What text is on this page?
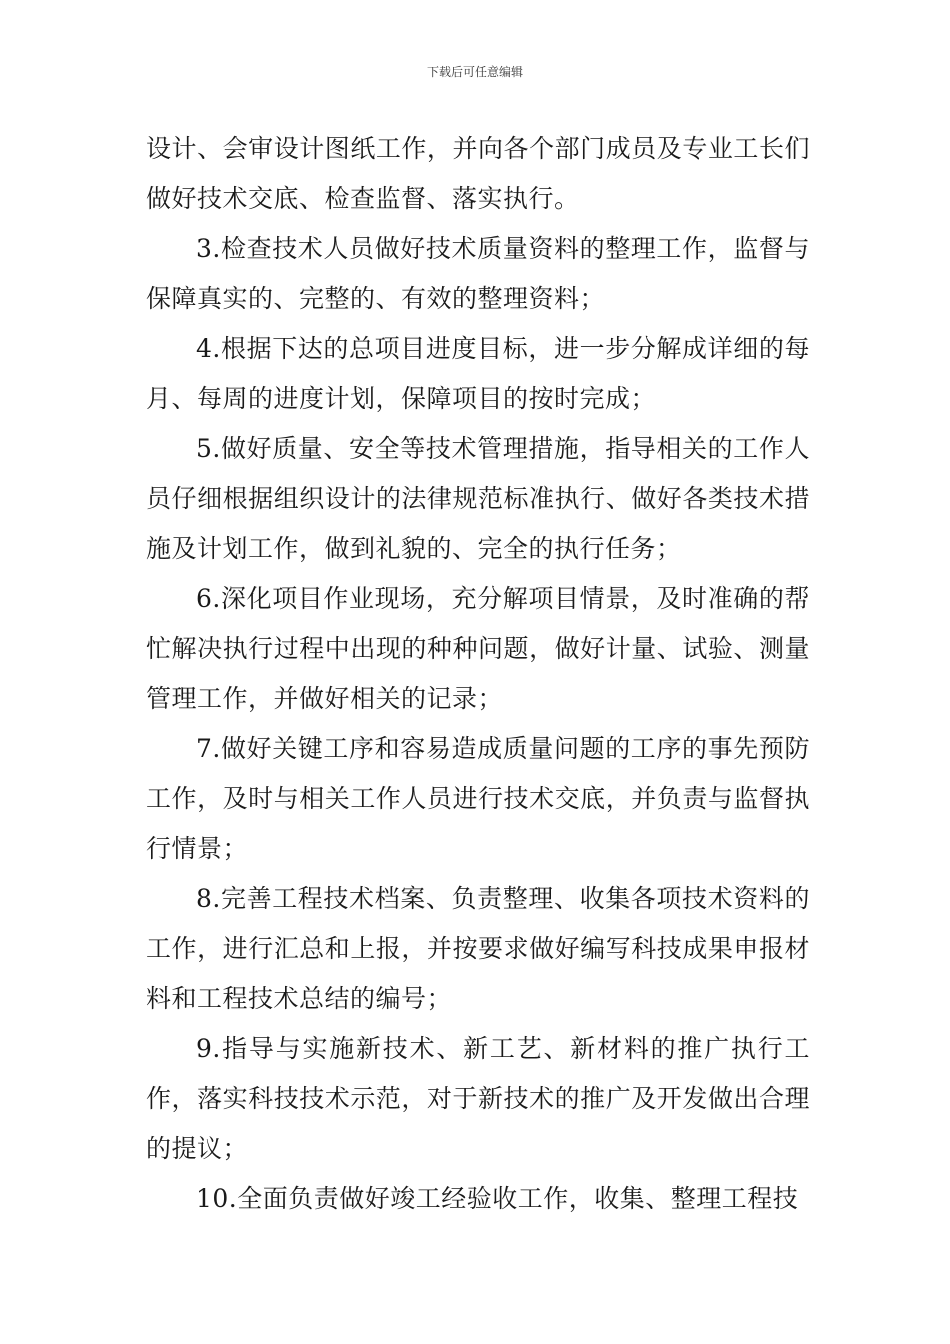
下载后可任意编辑

设计、会审设计图纸工作，并向各个部门成员及专业工长们做好技术交底、检查监督、落实执行。

3.检查技术人员做好技术质量资料的整理工作，监督与保障真实的、完整的、有效的整理资料；

4.根据下达的总项目进度目标，进一步分解成详细的每月、每周的进度计划，保障项目的按时完成；

5.做好质量、安全等技术管理措施，指导相关的工作人员仔细根据组织设计的法律规范标准执行、做好各类技术措施及计划工作，做到礼貌的、完全的执行任务；

6.深化项目作业现场，充分解项目情景，及时准确的帮忙解决执行过程中出现的种种问题，做好计量、试验、测量管理工作，并做好相关的记录；

7.做好关键工序和容易造成质量问题的工序的事先预防工作，及时与相关工作人员进行技术交底，并负责与监督执行情景；

8.完善工程技术档案、负责整理、收集各项技术资料的工作，进行汇总和上报，并按要求做好编写科技成果申报材料和工程技术总结的编号；

9.指导与实施新技术、新工艺、新材料的推广执行工作，落实科技技术示范，对于新技术的推广及开发做出合理的提议；

10.全面负责做好竣工经验收工作，收集、整理工程技
